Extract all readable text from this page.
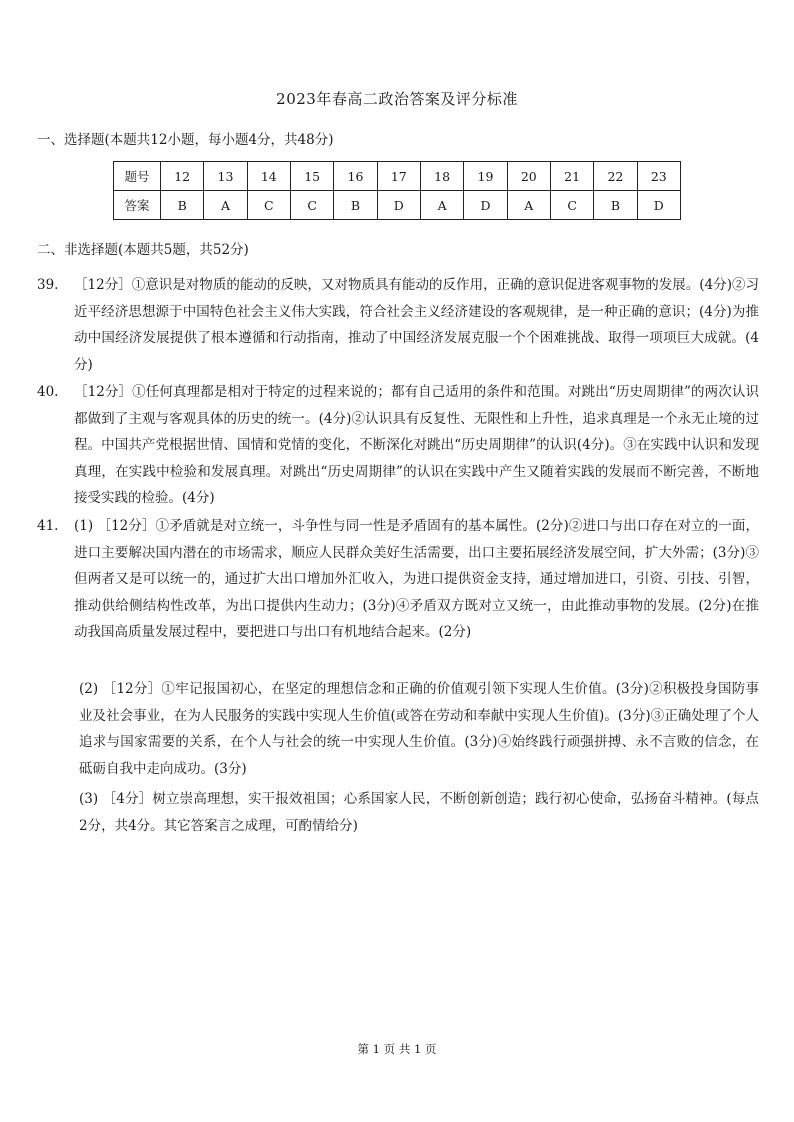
2023年春高二政治答案及评分标准
一、选择题(本题共12小题，每小题4分，共48分)
题号	12	13	14	15	16	17	18	19	20	21	22	23
答案	B	A	C	C	B	D	A	D	A	C	B	D
二、非选择题(本题共5题，共52分)
39. ［12分］①意识是对物质的能动的反映，又对物质具有能动的反作用，正确的意识促进客观事物的发展。(4分)②习近平经济思想源于中国特色社会主义伟大实践，符合社会主义经济建设的客观规律，是一种正确的意识；(4分)为推动中国经济发展提供了根本遵循和行动指南，推动了中国经济发展克服一个个困难挑战、取得一项项巨大成就。(4分)
40. ［12分］①任何真理都是相对于特定的过程来说的；都有自己适用的条件和范围。对跳出“历史周期律”的两次认识都做到了主观与客观具体的历史的统一。(4分)②认识具有反复性、无限性和上升性，追求真理是一个永无止境的过程。中国共产党根据世情、国情和党情的变化，不断深化对跳出“历史周期律”的认识(4分)。③在实践中认识和发现真理，在实践中检验和发展真理。对跳出“历史周期律”的认识在实践中产生又随着实践的发展而不断完善，不断地接受实践的检验。(4分)
41. (1) ［12分］①矛盾就是对立统一，斗争性与同一性是矛盾固有的基本属性。(2分)②进口与出口存在对立的一面，进口主要解决国内潜在的市场需求，顺应人民群众美好生活需要，出口主要拓展经济发展空间，扩大外需；(3分)③但两者又是可以统一的，通过扩大出口增加外汇收入，为进口提供资金支持，通过增加进口，引资、引技、引智，推动供给侧结构性改革，为出口提供内生动力；(3分)④矛盾双方既对立又统一，由此推动事物的发展。(2分)在推动我国高质量发展过程中，要把进口与出口有机地结合起来。(2分)
(2) ［12分］①牢记报国初心，在坚定的理想信念和正确的价值观引领下实现人生价值。(3分)②积极投身国防事业及社会事业，在为人民服务的实践中实现人生价值(或答在劳动和奉献中实现人生价值)。(3分)③正确处理了个人追求与国家需要的关系，在个人与社会的统一中实现人生价值。(3分)④始终践行顽强拼搏、永不言败的信念，在砥砺自我中走向成功。(3分)
(3) ［4分］树立崇高理想，实干报效祖国；心系国家人民，不断创新创造；践行初心使命，弘扬奋斗精神。(每点2分，共4分。其它答案言之成理，可酌情给分)
第 1 页 共 1 页
